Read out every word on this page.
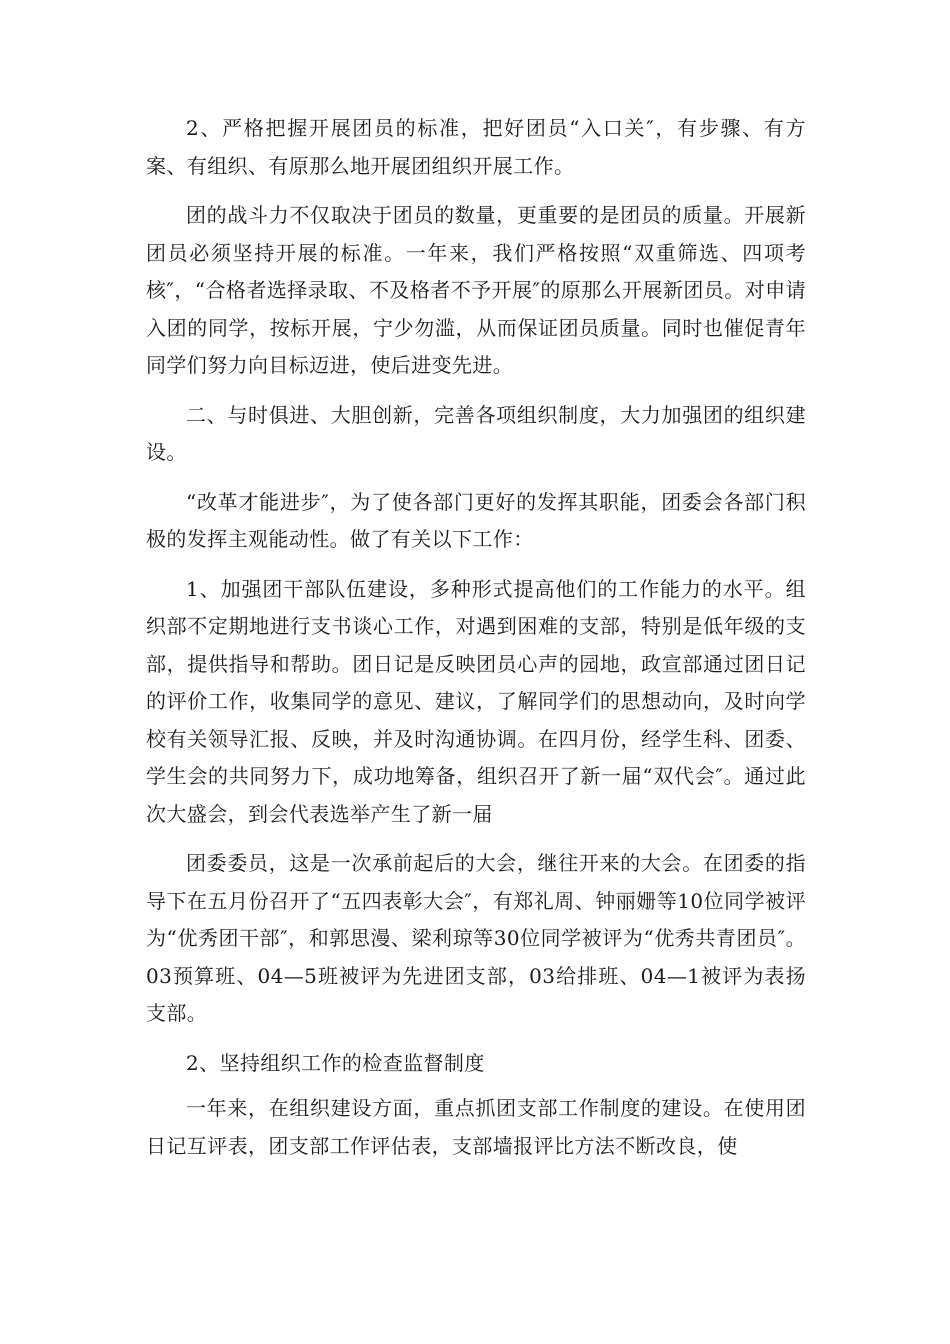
2、严格把握开展团员的标准，把好团员“入口关″，有步骤、有方案、有组织、有原那么地开展团组织开展工作。

团的战斗力不仅取决于团员的数量，更重要的是团员的质量。开展新团员必须坚持开展的标准。一年来，我们严格按照“双重筛选、四项考核″，“合格者选择录取、不及格者不予开展″的原那么开展新团员。对申请入团的同学，按标开展，宁少勿滥，从而保证团员质量。同时也催促青年同学们努力向目标迈进，使后进变先进。

二、与时俱进、大胆创新，完善各项组织制度，大力加强团的组织建设。

“改革才能进步″，为了使各部门更好的发挥其职能，团委会各部门积极的发挥主观能动性。做了有关以下工作：

1、加强团干部队伍建设，多种形式提高他们的工作能力的水平。组织部不定期地进行支书谈心工作，对遇到困难的支部，特别是低年级的支部，提供指导和帮助。团日记是反映团员心声的园地，政宣部通过团日记的评价工作，收集同学的意见、建议，了解同学们的思想动向，及时向学校有关领导汇报、反映，并及时沟通协调。在四月份，经学生科、团委、学生会的共同努力下，成功地筹备，组织召开了新一届“双代会″。通过此次大盛会，到会代表选举产生了新一届

团委委员，这是一次承前起后的大会，继往开来的大会。在团委的指导下在五月份召开了“五四表彰大会″，有郑礼周、钟丽姗等10位同学被评为“优秀团干部″，和郭思漫、梁利琼等30位同学被评为“优秀共青团员″。03预算班、04—5班被评为先进团支部，03给排班、04—1被评为表扬支部。

2、坚持组织工作的检查监督制度

一年来，在组织建设方面，重点抓团支部工作制度的建设。在使用团日记互评表，团支部工作评估表，支部墙报评比方法不断改良，使
